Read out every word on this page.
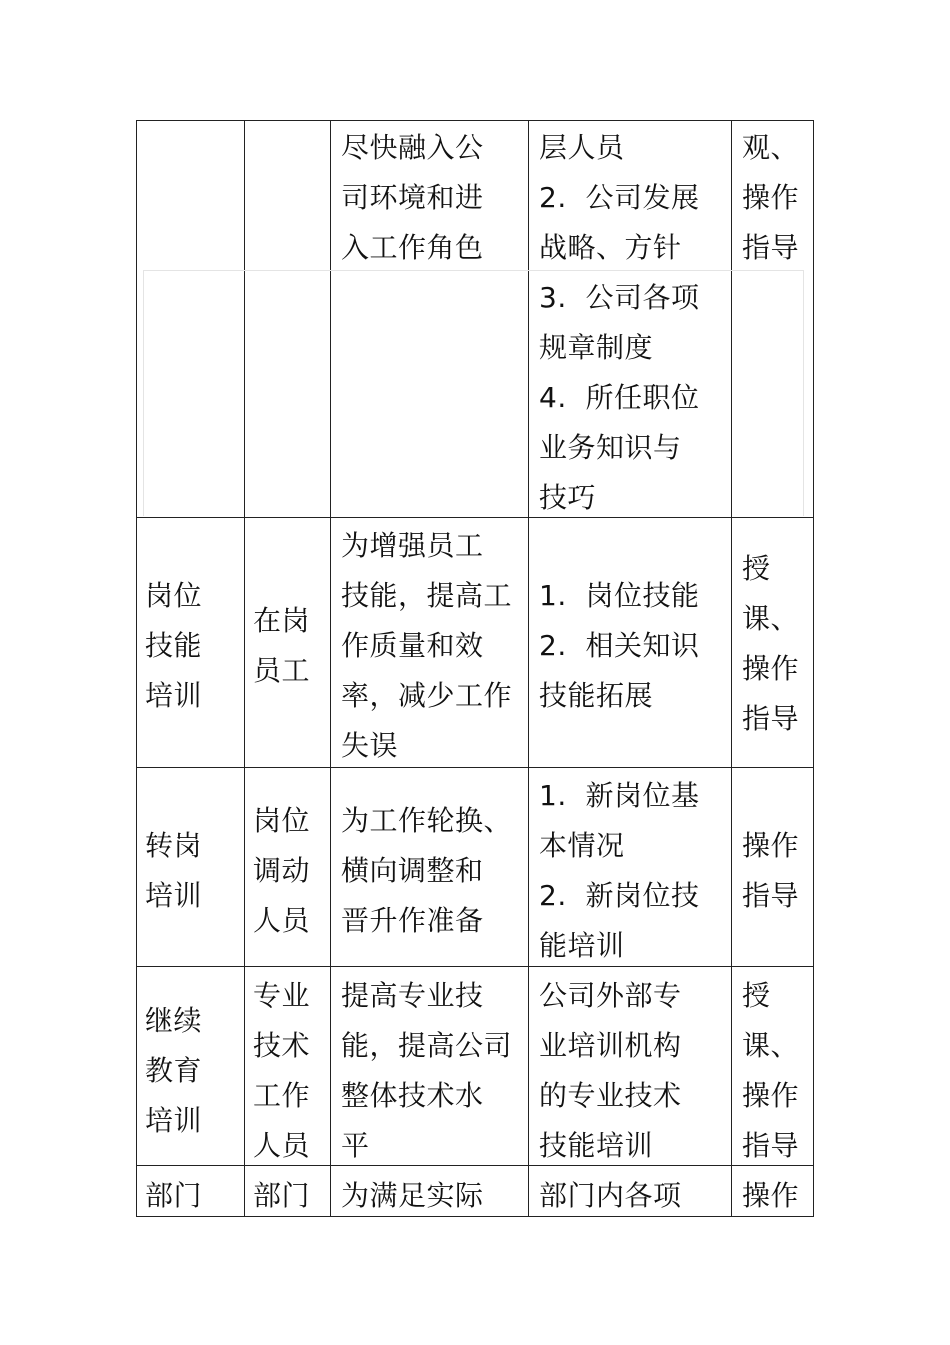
尽快融入公
司环境和进
入工作角色
层人员
2.  公司发展
战略、方针
3.  公司各项
规章制度
4.  所任职位
业务知识与
技巧
观、
操作
指导
岗位
技能
培训
在岗
员工
为增强员工
技能，提高工
作质量和效
率，减少工作
失误
1.  岗位技能
2.  相关知识
技能拓展
授
课、
操作
指导
转岗
培训
岗位
调动
人员
为工作轮换、
横向调整和
晋升作准备
1.  新岗位基
本情况
2.  新岗位技
能培训
操作
指导
继续
教育
培训
专业
技术
工作
人员
提高专业技
能，提高公司
整体技术水
平
公司外部专
业培训机构
的专业技术
技能培训
授
课、
操作
指导
部门 部门 为满足实际 部门内各项 操作
